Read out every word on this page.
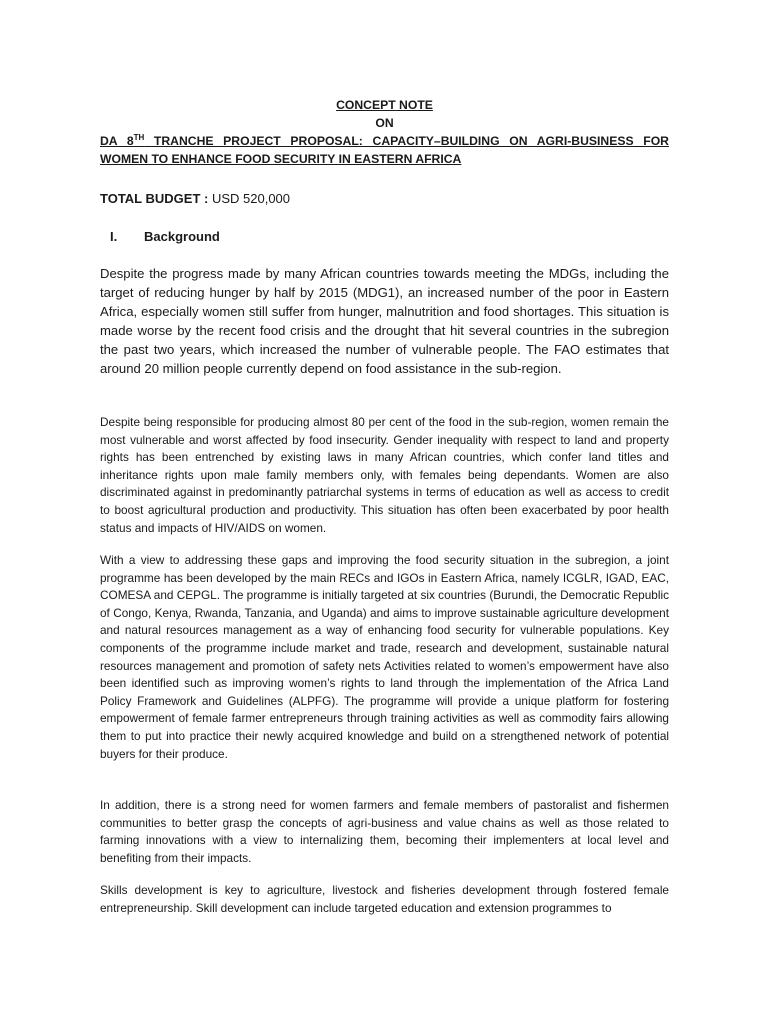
CONCEPT NOTE
ON
DA 8TH TRANCHE PROJECT PROPOSAL: CAPACITY–BUILDING ON AGRI-BUSINESS FOR
WOMEN TO ENHANCE FOOD SECURITY IN EASTERN AFRICA
TOTAL BUDGET : USD 520,000
I. Background

Despite the progress made by many African countries towards meeting the MDGs, including the target of reducing hunger by half by 2015 (MDG1), an increased number of the poor in Eastern Africa, especially women still suffer from hunger, malnutrition and food shortages. This situation is made worse by the recent food crisis and the drought that hit several countries in the subregion the past two years, which increased the number of vulnerable people. The FAO estimates that around 20 million people currently depend on food assistance in the sub-region.

Despite being responsible for producing almost 80 per cent of the food in the sub-region, women remain the most vulnerable and worst affected by food insecurity. Gender inequality with respect to land and property rights has been entrenched by existing laws in many African countries, which confer land titles and inheritance rights upon male family members only, with females being dependants. Women are also discriminated against in predominantly patriarchal systems in terms of education as well as access to credit to boost agricultural production and productivity. This situation has often been exacerbated by poor health status and impacts of HIV/AIDS on women.

With a view to addressing these gaps and improving the food security situation in the subregion, a joint programme has been developed by the main RECs and IGOs in Eastern Africa, namely ICGLR, IGAD, EAC, COMESA and CEPGL. The programme is initially targeted at six countries (Burundi, the Democratic Republic of Congo, Kenya, Rwanda, Tanzania, and Uganda) and aims to improve sustainable agriculture development and natural resources management as a way of enhancing food security for vulnerable populations. Key components of the programme include market and trade, research and development, sustainable natural resources management and promotion of safety nets Activities related to women’s empowerment have also been identified such as improving women’s rights to land through the implementation of the Africa Land Policy Framework and Guidelines (ALPFG). The programme will provide a unique platform for fostering empowerment of female farmer entrepreneurs through training activities as well as commodity fairs allowing them to put into practice their newly acquired knowledge and build on a strengthened network of potential buyers for their produce.

In addition, there is a strong need for women farmers and female members of pastoralist and fishermen communities to better grasp the concepts of agri-business and value chains as well as those related to farming innovations with a view to internalizing them, becoming their implementers at local level and benefiting from their impacts.

Skills development is key to agriculture, livestock and fisheries development through fostered female entrepreneurship. Skill development can include targeted education and extension programmes to
